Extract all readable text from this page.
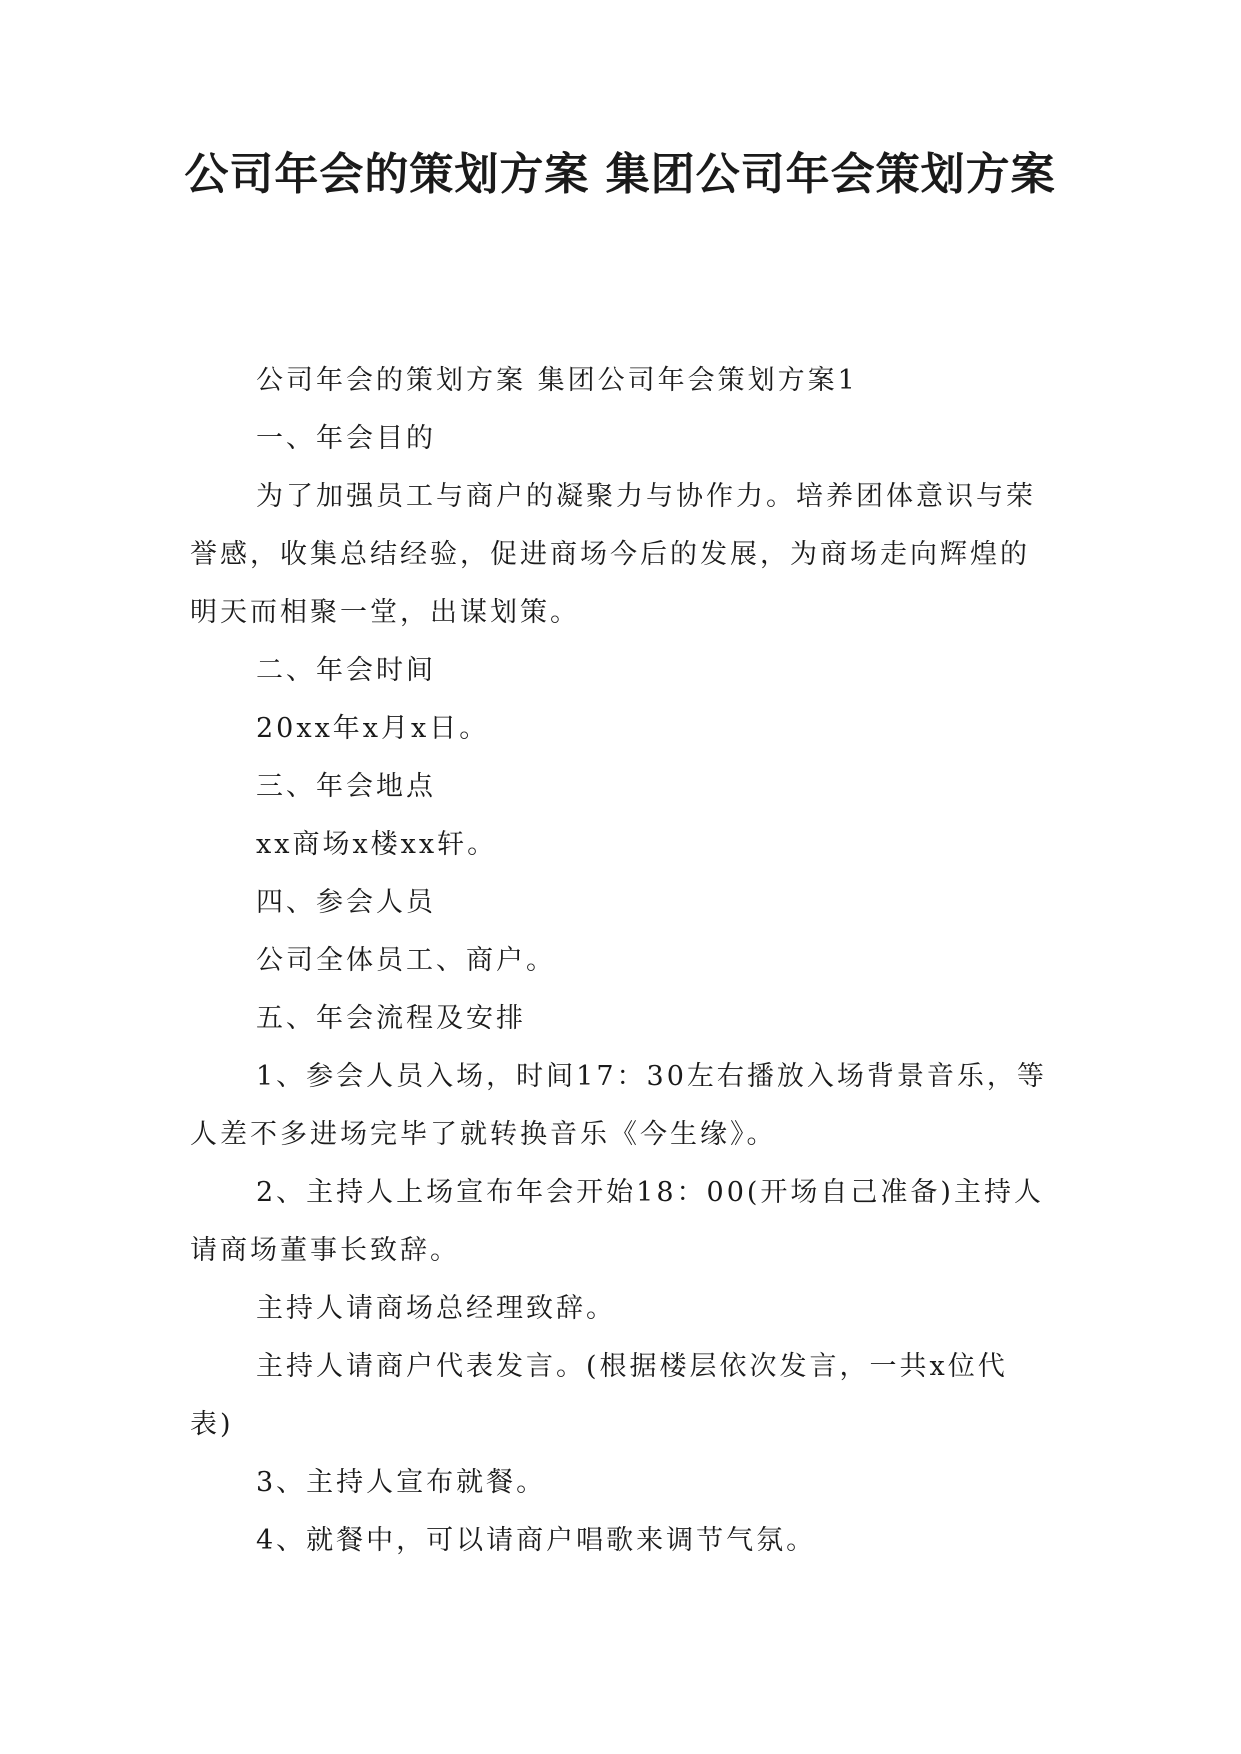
公司年会的策划方案 集团公司年会策划方案

公司年会的策划方案 集团公司年会策划方案1

一、年会目的

为了加强员工与商户的凝聚力与协作力。培养团体意识与荣誉感，收集总结经验，促进商场今后的发展，为商场走向辉煌的明天而相聚一堂，出谋划策。

二、年会时间

20xx年x月x日。

三、年会地点

xx商场x楼xx轩。

四、参会人员

公司全体员工、商户。

五、年会流程及安排

1、参会人员入场，时间17：30左右播放入场背景音乐，等人差不多进场完毕了就转换音乐《今生缘》。

2、主持人上场宣布年会开始18：00(开场自己准备)主持人请商场董事长致辞。

主持人请商场总经理致辞。

主持人请商户代表发言。(根据楼层依次发言，一共x位代表)

3、主持人宣布就餐。

4、就餐中，可以请商户唱歌来调节气氛。
